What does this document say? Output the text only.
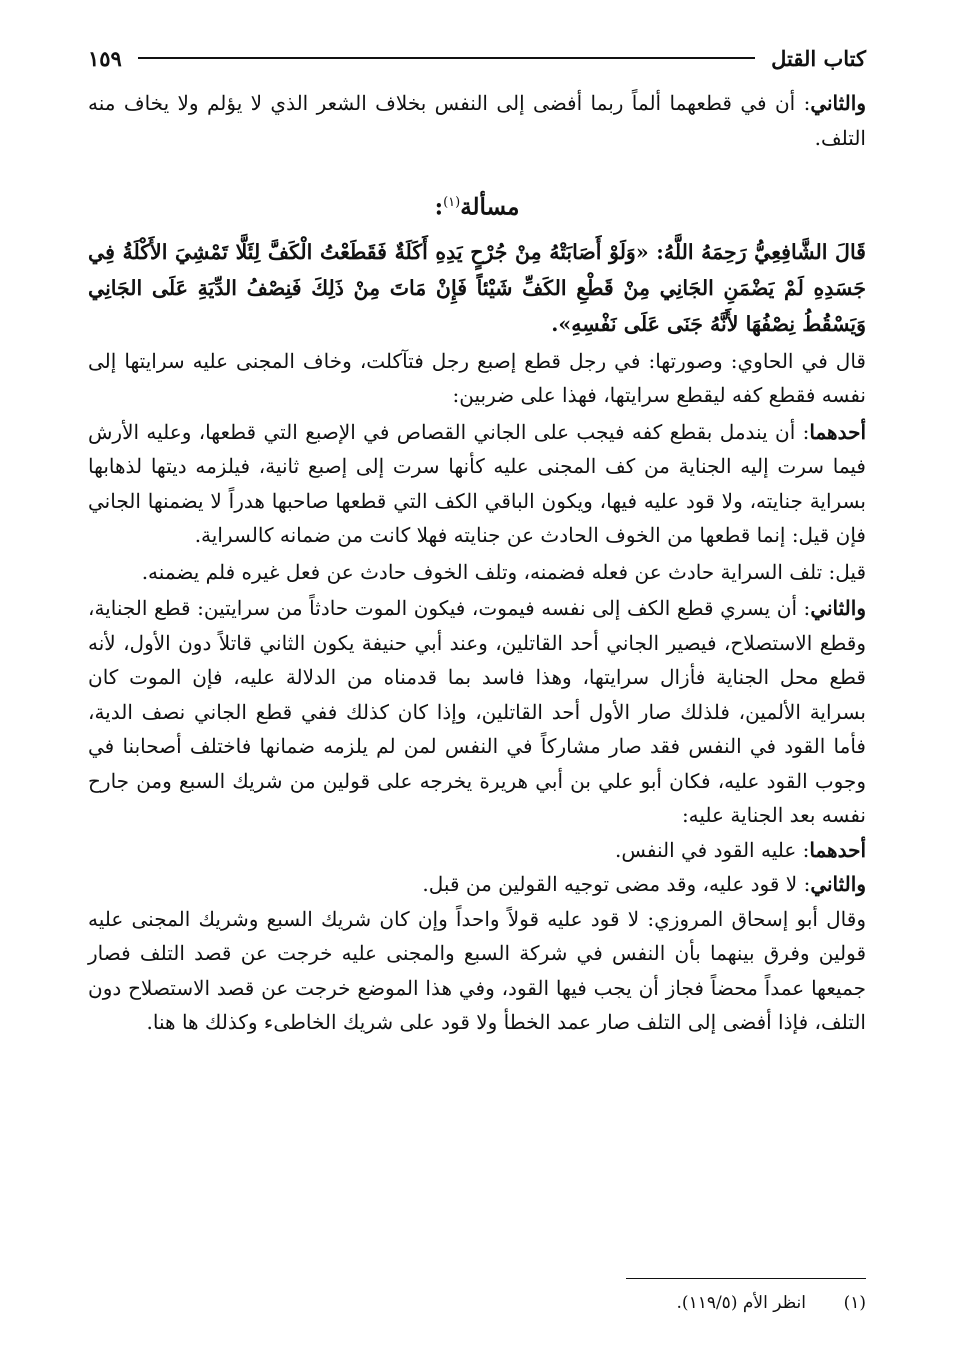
كتاب القتل
١٥٩

والثاني: أن في قطعهما ألماً ربما أفضى إلى النفس بخلاف الشعر الذي لا يؤلم ولا يخاف منه التلف.

مسألة$^{(١)}$:

قَالَ الشَّافِعِيُّ رَحِمَهُ اللَّهُ: «وَلَوْ أَصَابَتْهُ مِنْ جُرْحٍ يَدِهِ أَكَلَةٌ فَقَطَعْتُ الْكَفَّ لِئَلَّا تَمْشِيَ الأَكْلَةُ فِي جَسَدِهِ لَمْ يَضْمَنِ الجَانِي مِنْ قَطْعِ الكَفِّ شَيْئاً فَإِنْ مَاتَ مِنْ ذَلِكَ فَنِصْفُ الدِّيَةِ عَلَى الجَانِي وَيَسْقُطُ نِصْفُهَا لأَنَّهُ جَنَى عَلَى نَفْسِهِ».

قال في الحاوي: وصورتها: في رجل قطع إصبع رجل فتآكلت، وخاف المجنى عليه سرايتها إلى نفسه فقطع كفه ليقطع سرايتها، فهذا على ضربين:

أحدهما: أن يندمل بقطع كفه فيجب على الجاني القصاص في الإصبع التي قطعها، وعليه الأرش فيما سرت إليه الجناية من كف المجنى عليه كأنها سرت إلى إصبع ثانية، فيلزمه ديتها لذهابها بسراية جنايته، ولا قود عليه فيها، ويكون الباقي الكف التي قطعها صاحبها هدراً لا يضمنها الجاني فإن قيل: إنما قطعها من الخوف الحادث عن جنايته فهلا كانت من ضمانه كالسراية.

قيل: تلف السراية حادث عن فعله فضمنه، وتلف الخوف حادث عن فعل غيره فلم يضمنه.

والثاني: أن يسري قطع الكف إلى نفسه فيموت، فيكون الموت حادثاً من سرايتين: قطع الجناية، وقطع الاستصلاح، فيصير الجاني أحد القاتلين، وعند أبي حنيفة يكون الثاني قاتلاً دون الأول، لأنه قطع محل الجناية فأزال سرايتها، وهذا فاسد بما قدمناه من الدلالة عليه، فإن الموت كان بسراية الألمين، فلذلك صار الأول أحد القاتلين، وإذا كان كذلك ففي قطع الجاني نصف الدية، فأما القود في النفس فقد صار مشاركاً في النفس لمن لم يلزمه ضمانها فاختلف أصحابنا في وجوب القود عليه، فكان أبو علي بن أبي هريرة يخرجه على قولين من شريك السبع ومن جارح نفسه بعد الجناية عليه:

أحدهما: عليه القود في النفس.

والثاني: لا قود عليه، وقد مضى توجيه القولين من قبل.

وقال أبو إسحاق المروزي: لا قود عليه قولاً واحداً وإن كان شريك السبع وشريك المجنى عليه قولين وفرق بينهما بأن النفس في شركة السبع والمجنى عليه خرجت عن قصد التلف فصار جميعها عمداً محضاً فجاز أن يجب فيها القود، وفي هذا الموضع خرجت عن قصد الاستصلاح دون التلف، فإذا أفضى إلى التلف صار عمد الخطأ ولا قود على شريك الخاطىء وكذلك ها هنا.

(١)انظر الأم (١١٩/٥).
